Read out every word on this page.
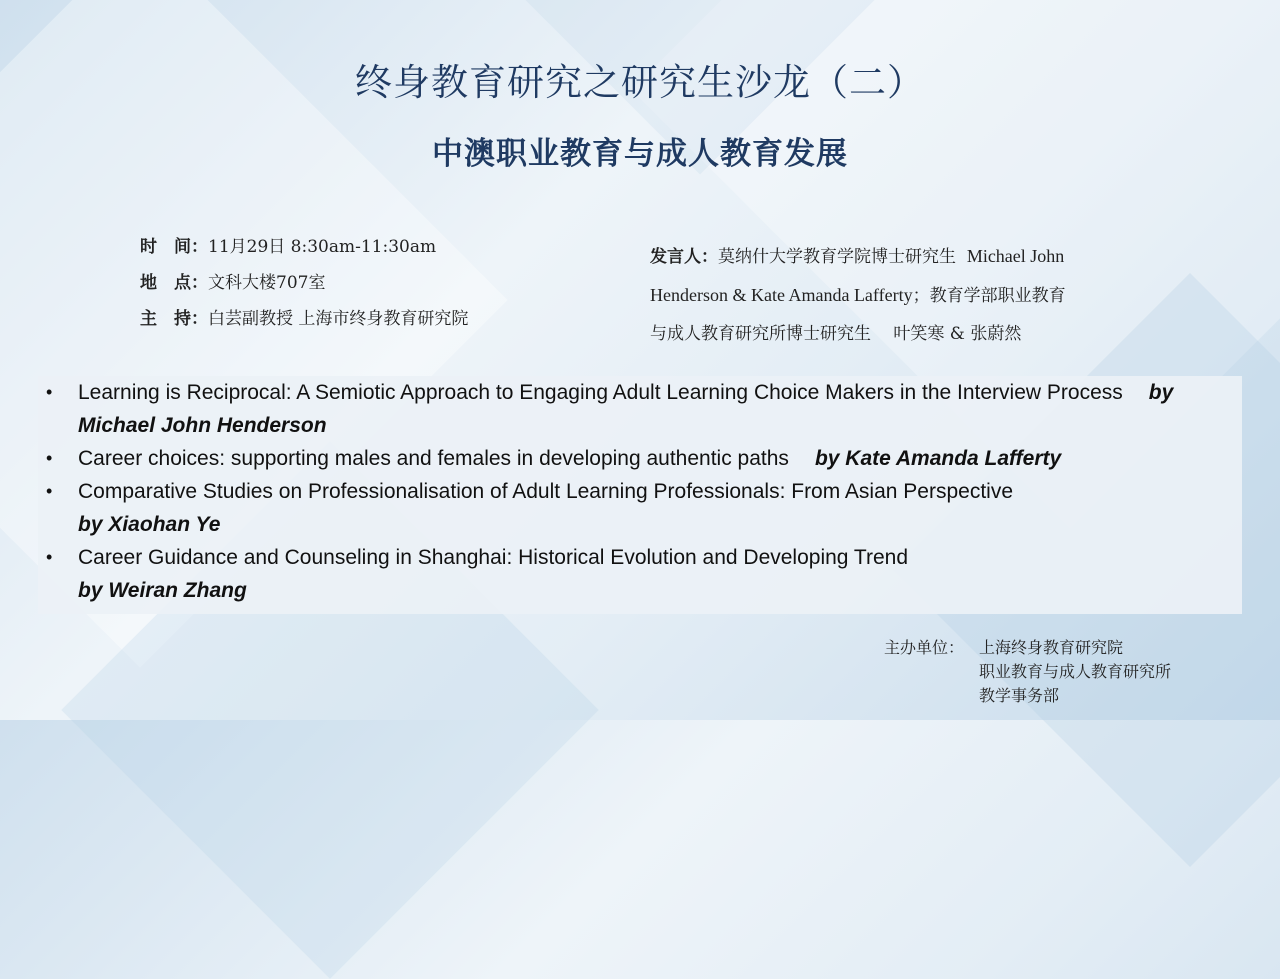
终身教育研究之研究生沙龙（二）
中澳职业教育与成人教育发展
时　间：11月29日 8:30am-11:30am
地　点：文科大楼707室
主　持：白芸副教授 上海市终身教育研究院
发言人：莫纳什大学教育学院博士研究生 Michael John
Henderson & Kate Amanda Lafferty；教育学部职业教育
与成人教育研究所博士研究生　 叶笑寒 & 张蔚然
• Learning is Reciprocal: A Semiotic Approach to Engaging Adult Learning Choice Makers in the Interview Process by Michael John Henderson
• Career choices: supporting males and females in developing authentic paths by Kate Amanda Lafferty
• Comparative Studies on Professionalisation of Adult Learning Professionals: From Asian Perspective
by Xiaohan Ye
• Career Guidance and Counseling in Shanghai: Historical Evolution and Developing Trend
by Weiran Zhang
主办单位： 上海终身教育研究院
职业教育与成人教育研究所
教学事务部
